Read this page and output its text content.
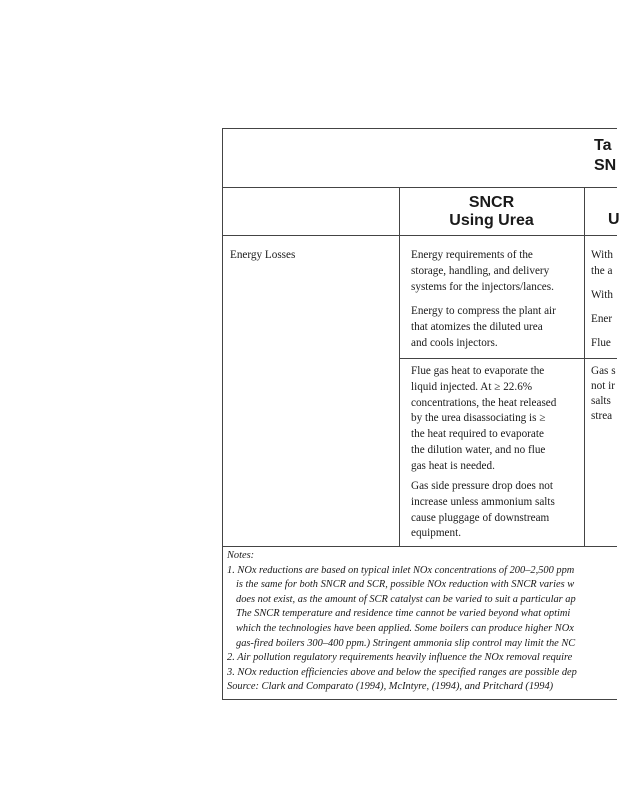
Ta
SN
SNCR
Using Urea	U
Energy Losses	Energy requirements of the
storage, handling, and delivery
systems for the injectors/lances.
Energy to compress the plant air
that atomizes the diluted urea
and cools injectors.
Flue gas heat to evaporate the
liquid injected. At ≥ 22.6%
concentrations, the heat released
by the urea disassociating is ≥
the heat required to evaporate
the dilution water, and no flue
gas heat is needed.
Gas side pressure drop does not
increase unless ammonium salts
cause pluggage of downstream
equipment.
With
the a
With
Ener
Flue
Gas s
not ir
salts
strea
Notes:
1. NOx reductions are based on typical inlet NOx concentrations of 200–2,500 ppm
is the same for both SNCR and SCR, possible NOx reduction with SNCR varies w
does not exist, as the amount of SCR catalyst can be varied to suit a particular ap
The SNCR temperature and residence time cannot be varied beyond what optimi
which the technologies have been applied. Some boilers can produce higher NOx
gas-fired boilers 300–400 ppm.) Stringent ammonia slip control may limit the NC
2. Air pollution regulatory requirements heavily influence the NOx removal require
3. NOx reduction efficiencies above and below the specified ranges are possible dep
Source: Clark and Comparato (1994), McIntyre, (1994), and Pritchard (1994)
